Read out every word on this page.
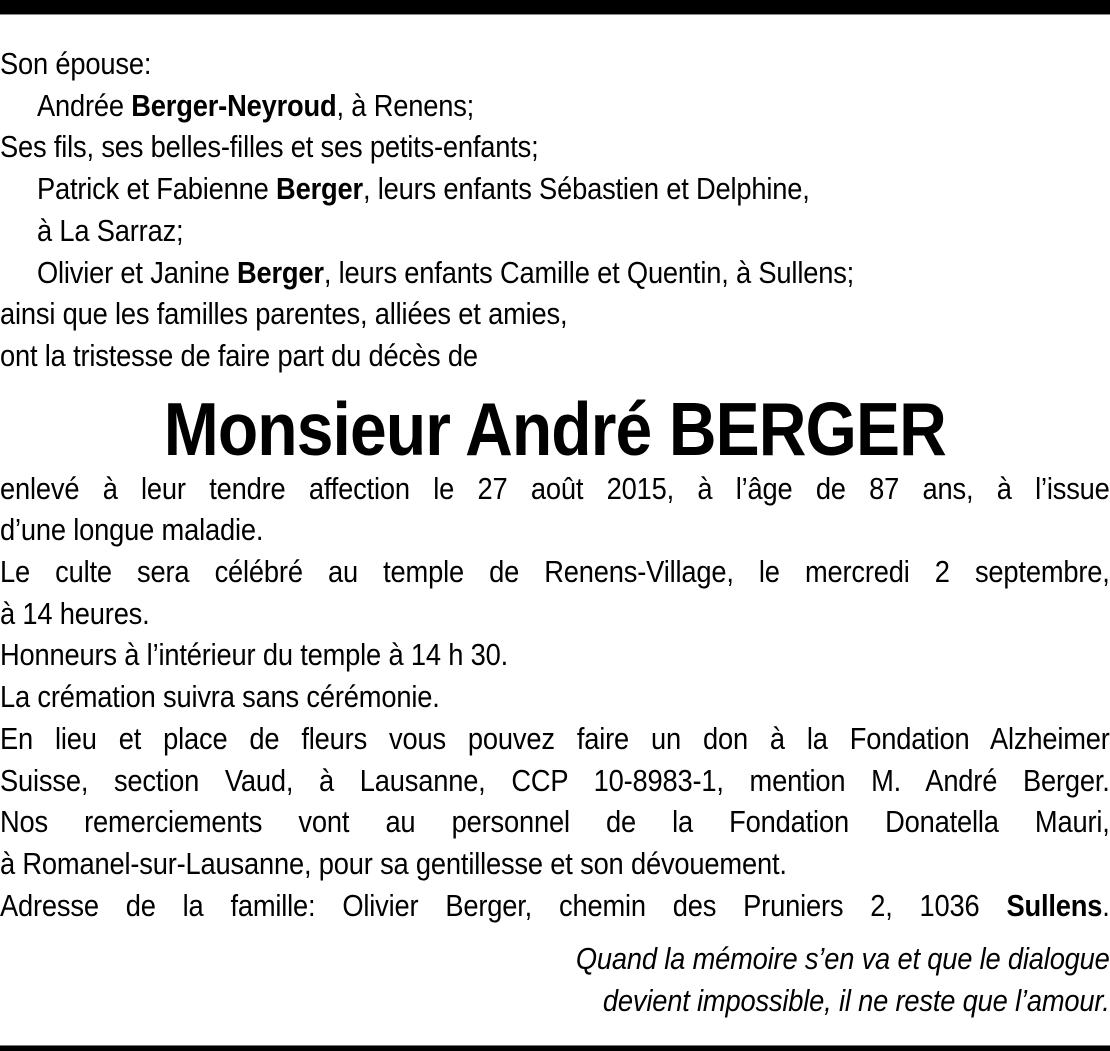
Son épouse:
Andrée Berger-Neyroud, à Renens;
Ses fils, ses belles-filles et ses petits-enfants;
Patrick et Fabienne Berger, leurs enfants Sébastien et Delphine,
à La Sarraz;
Olivier et Janine Berger, leurs enfants Camille et Quentin, à Sullens;
ainsi que les familles parentes, alliées et amies,
ont la tristesse de faire part du décès de
Monsieur André BERGER
enlevé à leur tendre affection le 27 août 2015, à l’âge de 87 ans, à l’issue
d’une longue maladie.
Le culte sera célébré au temple de Renens-Village, le mercredi 2 septembre,
à 14 heures.
Honneurs à l’intérieur du temple à 14 h 30.
La crémation suivra sans cérémonie.
En lieu et place de fleurs vous pouvez faire un don à la Fondation Alzheimer
Suisse, section Vaud, à Lausanne, CCP 10-8983-1, mention M. André Berger.
Nos remerciements vont au personnel de la Fondation Donatella Mauri,
à Romanel-sur-Lausanne, pour sa gentillesse et son dévouement.
Adresse de la famille: Olivier Berger, chemin des Pruniers 2, 1036 Sullens.
Quand la mémoire s’en va et que le dialogue
devient impossible, il ne reste que l’amour.
